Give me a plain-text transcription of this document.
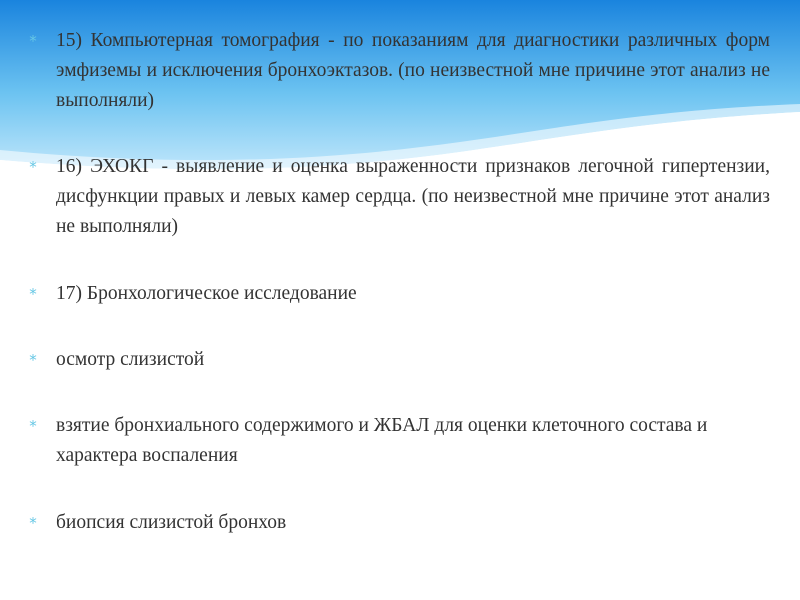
* 15) Компьютерная томография - по показаниям для диагностики различных форм эмфиземы и исключения бронхоэктазов. (по неизвестной мне причине этот анализ не выполняли)
* 16) ЭХОКГ - выявление и оценка выраженности признаков легочной гипертензии, дисфункции правых и левых камер сердца. (по неизвестной мне причине этот анализ не выполняли)
* 17) Бронхологическое исследование
* осмотр слизистой
* взятие бронхиального содержимого и ЖБАЛ для оценки клеточного состава и характера воспаления
* биопсия слизистой бронхов
